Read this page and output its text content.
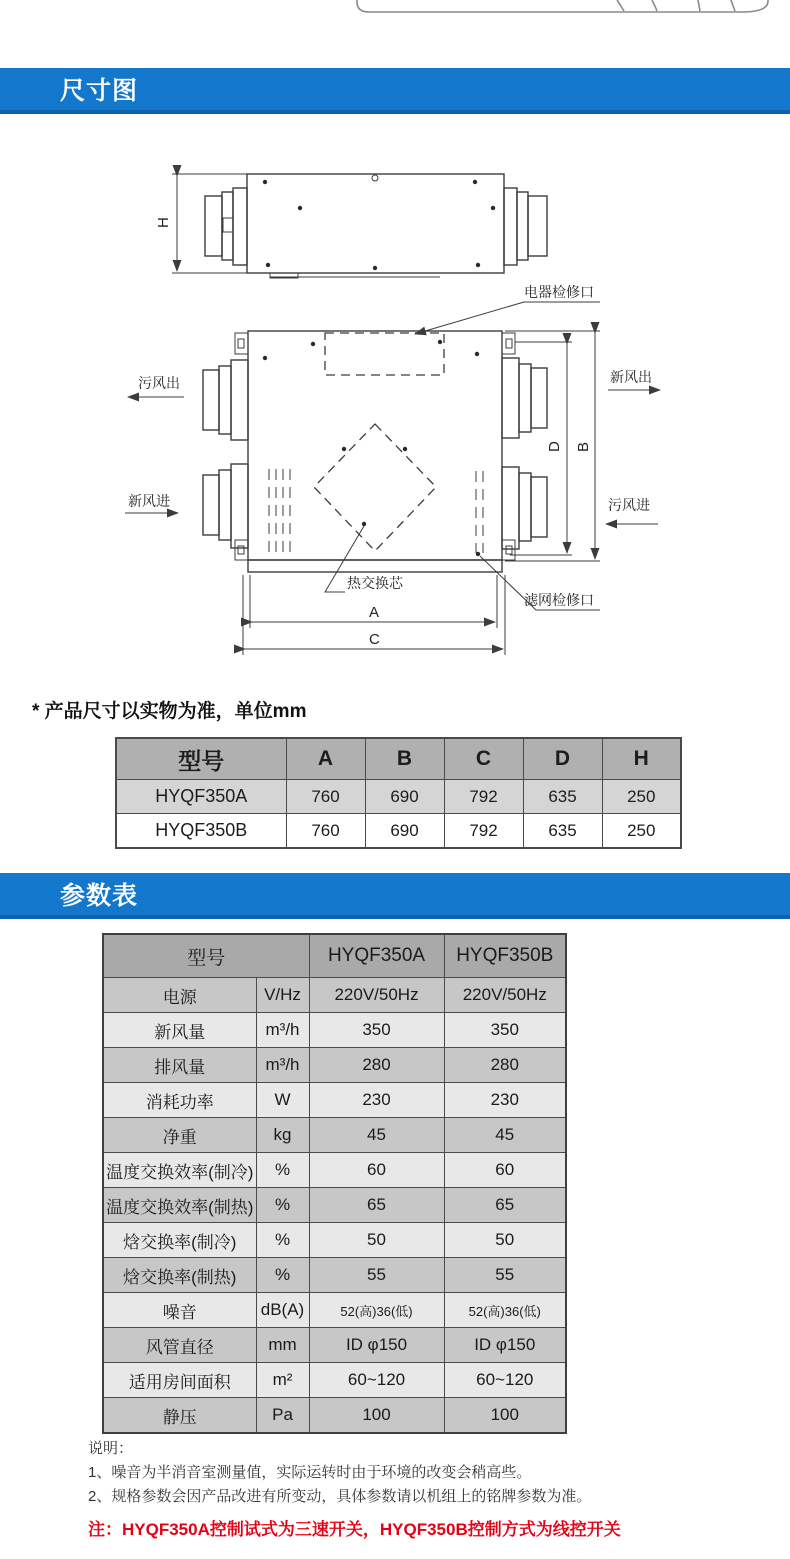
尺寸图
H
D B
A
C
电器检修口
污风出	新风出
新风进	污风进
热交换芯
滤网检修口
* 产品尺寸以实物为准，单位mm
型号	A	B	C	D	H
HYQF350A	760	690	792	635	250
HYQF350B	760	690	792	635	250
参数表
型号		HYQF350A	HYQF350B
电源	V/Hz	220V/50Hz	220V/50Hz
新风量	m³/h	350	350
排风量	m³/h	280	280
消耗功率	W	230	230
净重	kg	45	45
温度交换效率(制冷)	%	60	60
温度交换效率(制热)	%	65	65
焓交换率(制冷)	%	50	50
焓交换率(制热)	%	55	55
噪音	dB(A)	52(高)36(低)	52(高)36(低)
风管直径	mm	ID φ150	ID φ150
适用房间面积	m²	60~120	60~120
静压	Pa	100	100
说明：
1、噪音为半消音室测量值，实际运转时由于环境的改变会稍高些。
2、规格参数会因产品改进有所变动，具体参数请以机组上的铭牌参数为准。
注：HYQF350A控制试式为三速开关，HYQF350B控制方式为线控开关
